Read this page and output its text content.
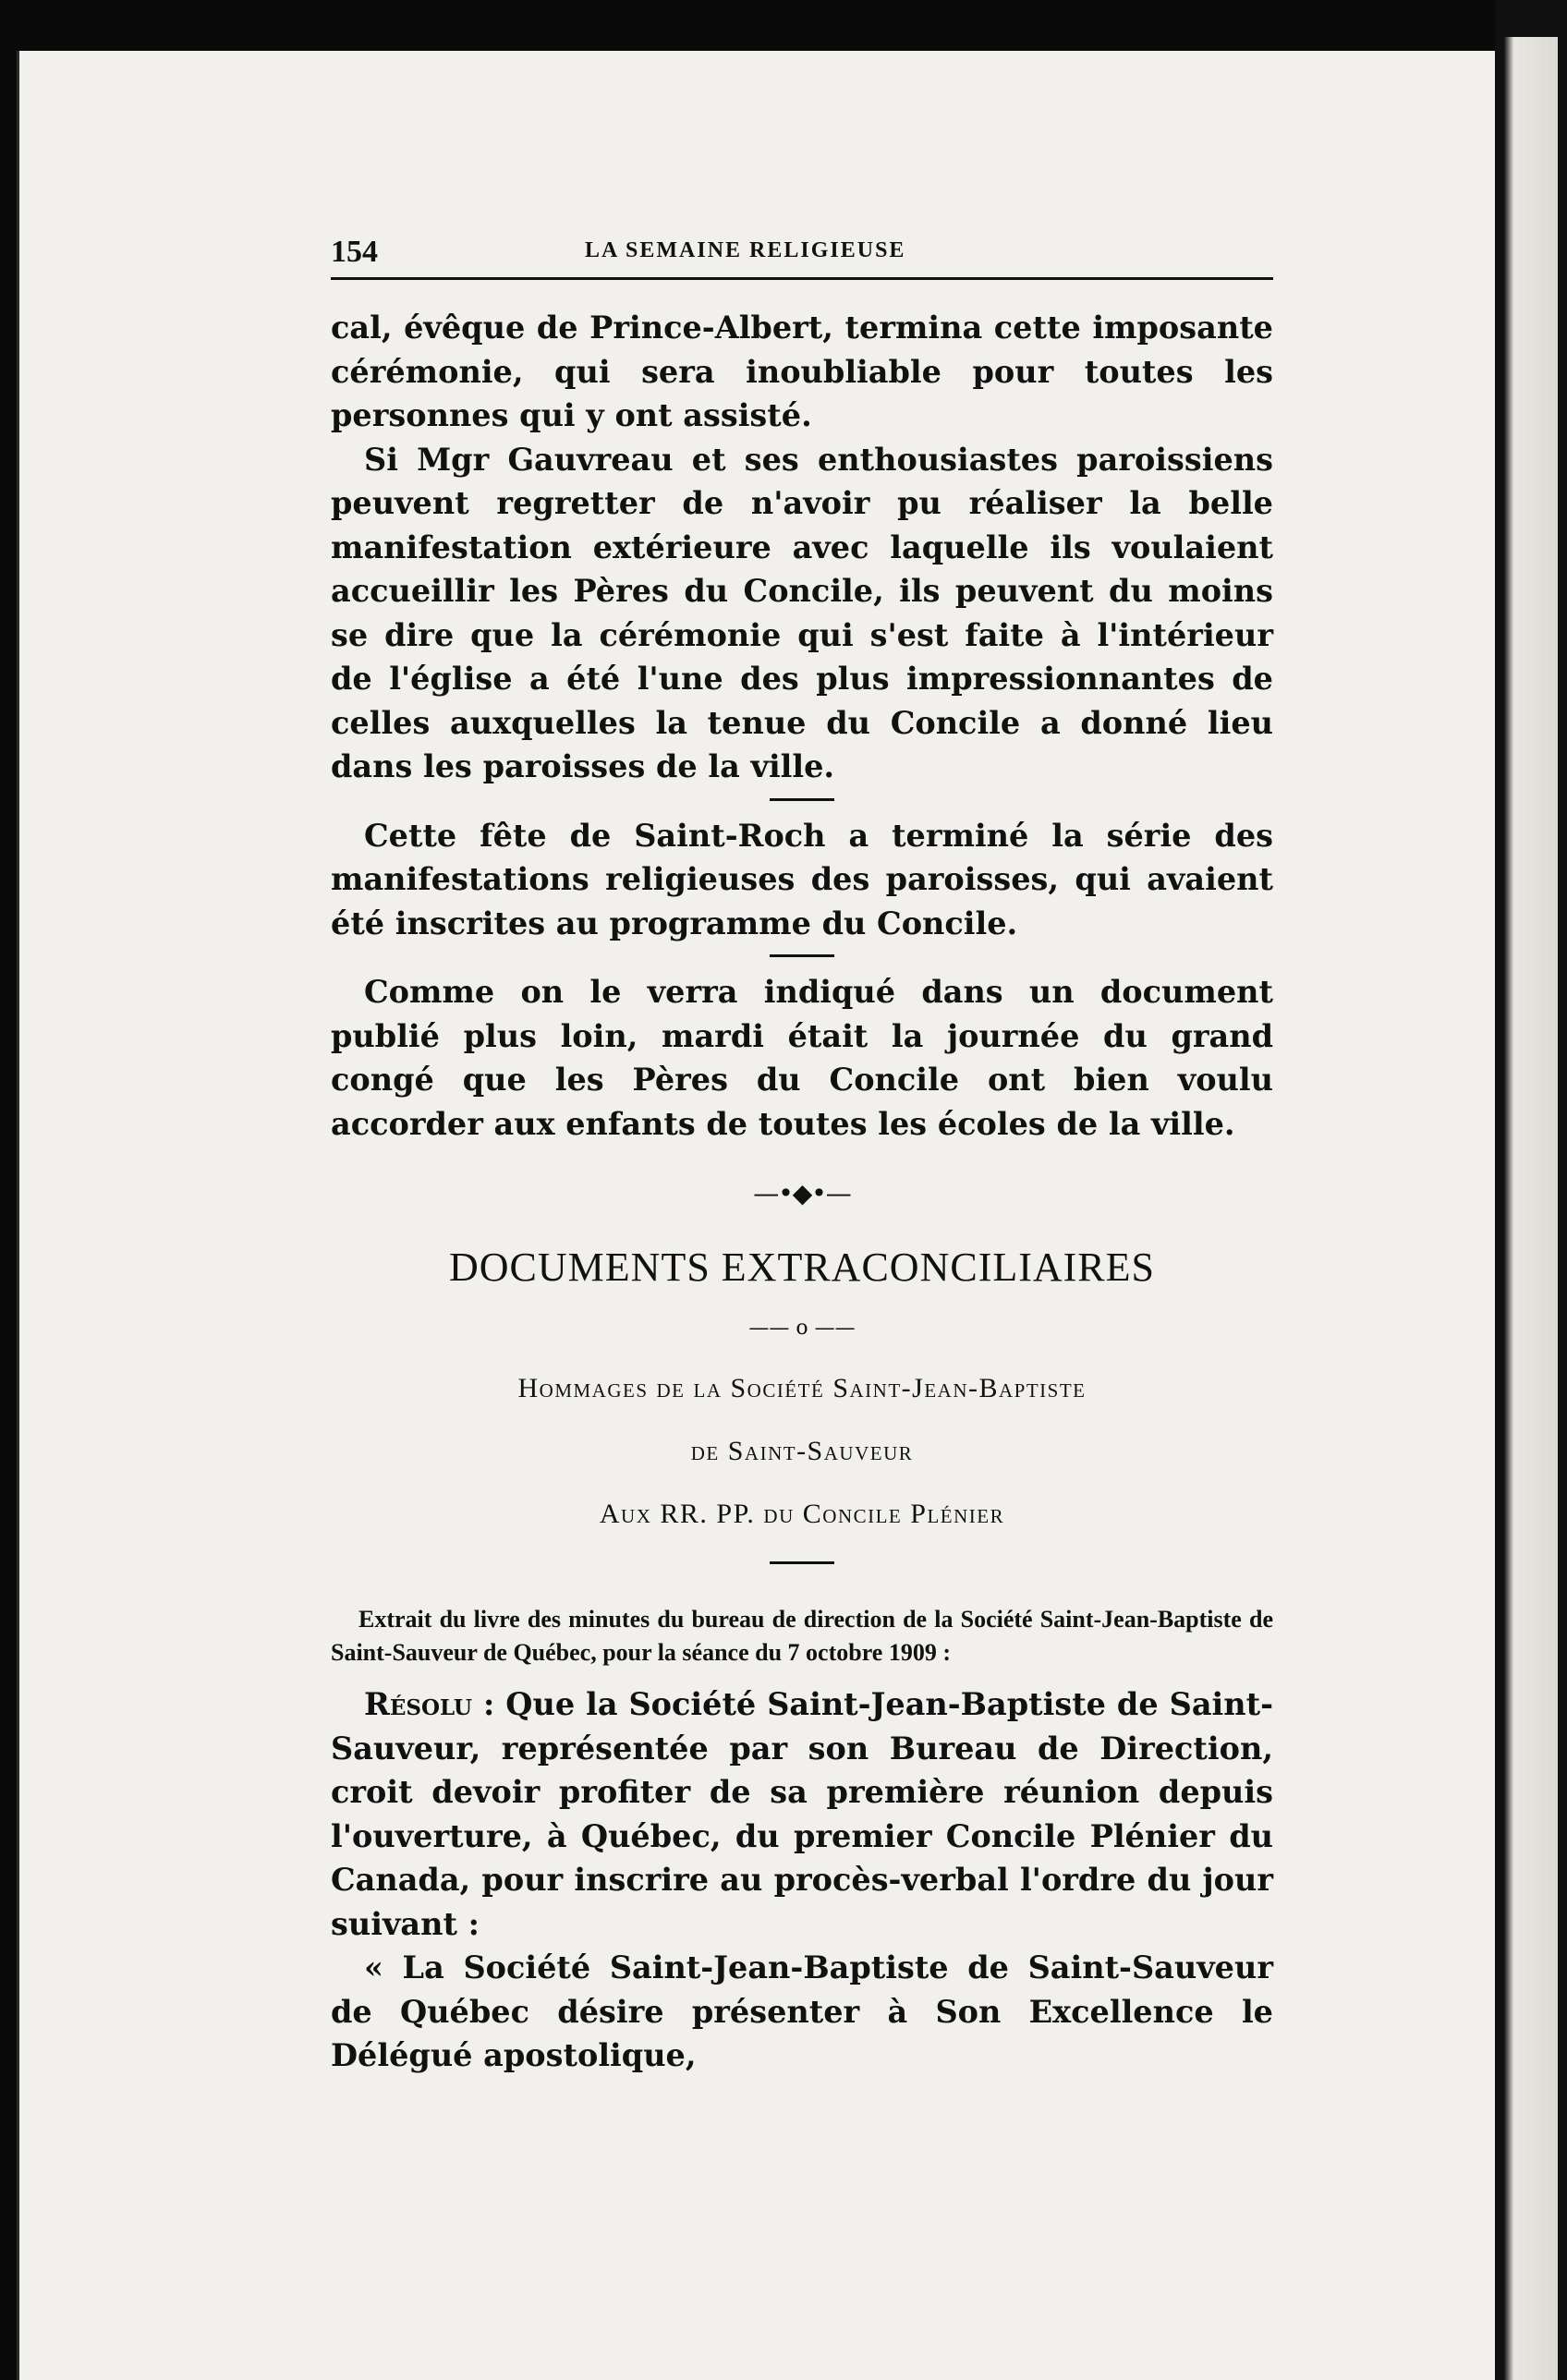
154	LA SEMAINE RELIGIEUSE

cal, évêque de Prince-Albert, termina cette imposante cérémonie, qui sera inoubliable pour toutes les personnes qui y ont assisté.

Si Mgr Gauvreau et ses enthousiastes paroissiens peuvent regretter de n'avoir pu réaliser la belle manifestation extérieure avec laquelle ils voulaient accueillir les Pères du Concile, ils peuvent du moins se dire que la cérémonie qui s'est faite à l'intérieur de l'église a été l'une des plus impressionnantes de celles auxquelles la tenue du Concile a donné lieu dans les paroisses de la ville.

Cette fête de Saint-Roch a terminé la série des manifestations religieuses des paroisses, qui avaient été inscrites au programme du Concile.

Comme on le verra indiqué dans un document publié plus loin, mardi était la journée du grand congé que les Pères du Concile ont bien voulu accorder aux enfants de toutes les écoles de la ville.

—•◆•—
DOCUMENTS EXTRACONCILIAIRES
—— o ——
Hommages de la Société Saint-Jean-Baptiste
de Saint-Sauveur
Aux RR. PP. du Concile Plénier

Extrait du livre des minutes du bureau de direction de la Société Saint-Jean-Baptiste de Saint-Sauveur de Québec, pour la séance du 7 octobre 1909 :

Résolu : Que la Société Saint-Jean-Baptiste de Saint-Sauveur, représentée par son Bureau de Direction, croit devoir profiter de sa première réunion depuis l'ouverture, à Québec, du premier Concile Plénier du Canada, pour inscrire au procès-verbal l'ordre du jour suivant :

« La Société Saint-Jean-Baptiste de Saint-Sauveur de Québec désire présenter à Son Excellence le Délégué apostolique,
